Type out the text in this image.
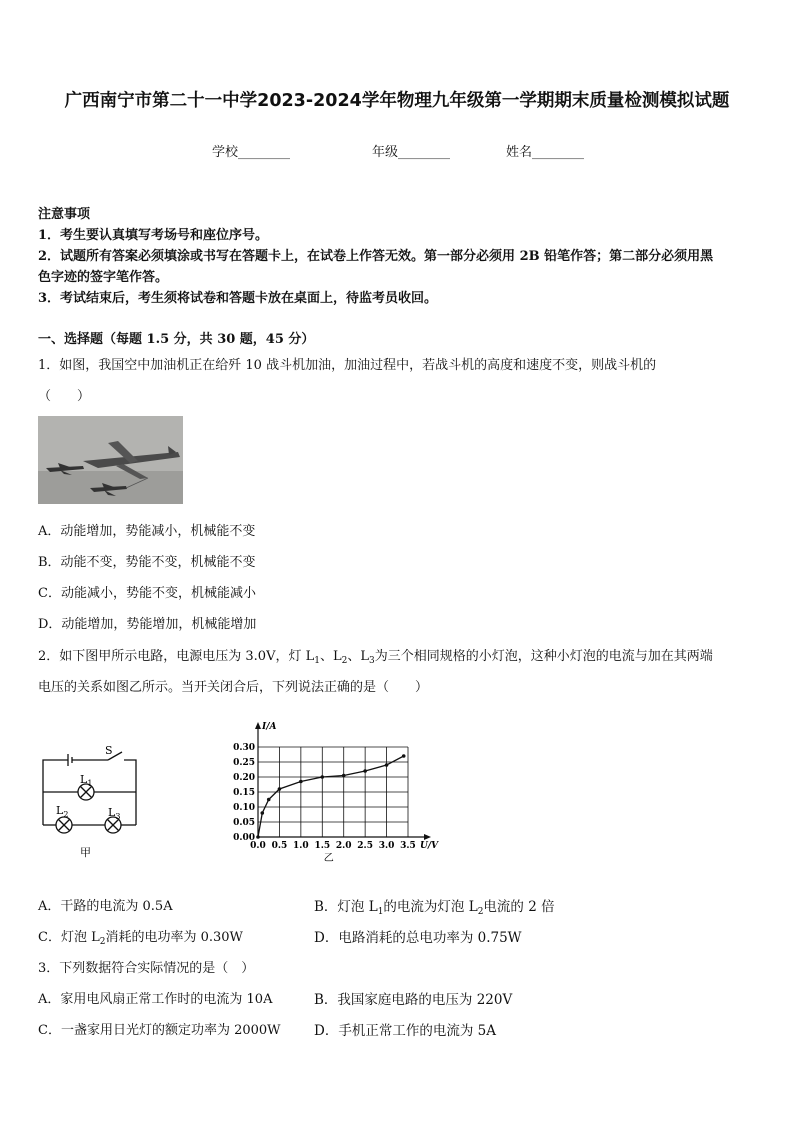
广西南宁市第二十一中学2023-2024学年物理九年级第一学期期末质量检测模拟试题
学校________	年级________	姓名________
注意事项
1．考生要认真填写考场号和座位序号。
2．试题所有答案必须填涂或书写在答题卡上，在试卷上作答无效。第一部分必须用 2B 铅笔作答；第二部分必须用黑
色字迹的签字笔作答。
3．考试结束后，考生须将试卷和答题卡放在桌面上，待监考员收回。
一、选择题（每题 1.5 分，共 30 题，45 分）
1．如图，我国空中加油机正在给歼 10 战斗机加油，加油过程中，若战斗机的高度和速度不变，则战斗机的
（　　）
A．动能增加，势能减小，机械能不变
B．动能不变，势能不变，机械能不变
C．动能减小，势能不变，机械能减小
D．动能增加，势能增加，机械能增加
2．如下图甲所示电路，电源电压为 3.0V，灯 $L_1$、$L_2$、$L_3$为三个相同规格的小灯泡，这种小灯泡的电流与加在其两端
电压的关系如图乙所示。当开关闭合后，下列说法正确的是（　　）
S
$L_1$
$L_2$	$L_3$
甲	0.0 0.5 1.0 1.5 2.0 2.5 3.0 3.5
0.00
0.05
0.10
0.15
0.20
0.25
0.30
I/A
U/V
乙
A．干路的电流为 0.5A	B．灯泡 $L_1$的电流为灯泡 $L_2$电流的 2 倍
C．灯泡 $L_2$消耗的电功率为 0.30W	D．电路消耗的总电功率为 0.75W
3．下列数据符合实际情况的是（　）
A．家用电风扇正常工作时的电流为 10A	B．我国家庭电路的电压为 220V
C．一盏家用日光灯的额定功率为 2000W D．手机正常工作的电流为 5A
